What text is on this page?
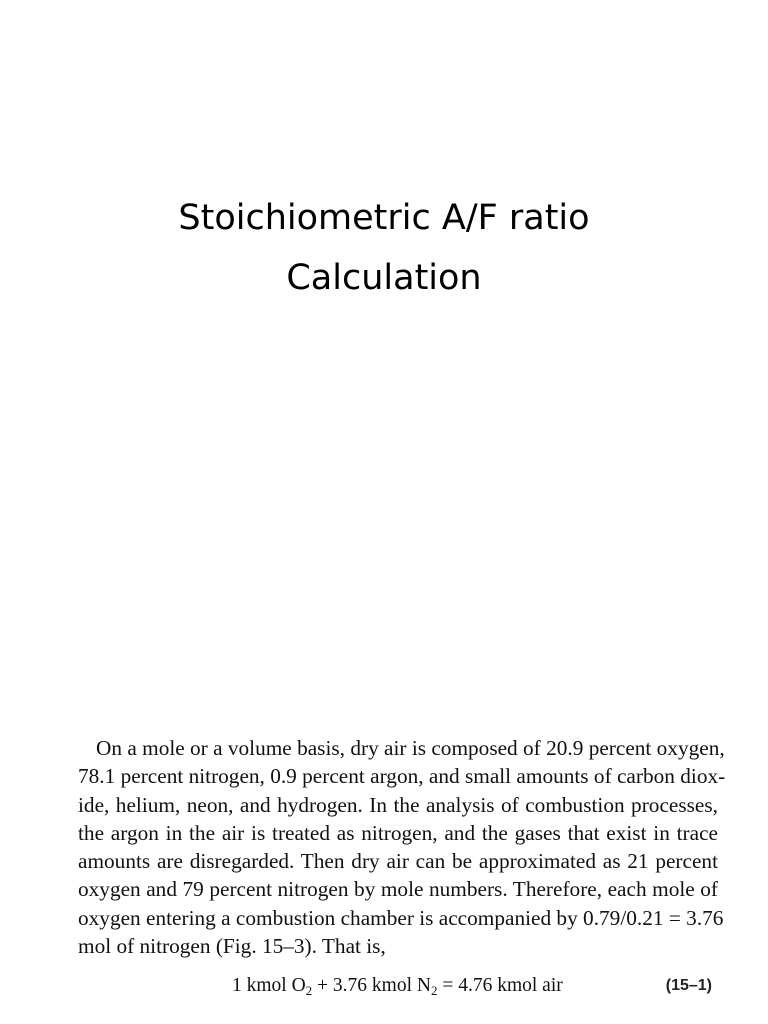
Stoichiometric A/F ratio
Calculation
On a mole or a volume basis, dry air is composed of 20.9 percent oxygen,
78.1 percent nitrogen, 0.9 percent argon, and small amounts of carbon diox-
ide, helium, neon, and hydrogen. In the analysis of combustion processes,
the argon in the air is treated as nitrogen, and the gases that exist in trace
amounts are disregarded. Then dry air can be approximated as 21 percent
oxygen and 79 percent nitrogen by mole numbers. Therefore, each mole of
oxygen entering a combustion chamber is accompanied by 0.79/0.21 = 3.76
mol of nitrogen (Fig. 15–3). That is,
1 kmol $O_2 + 3.76$ kmol $N_2 = 4.76$ kmol air	(15–1)
